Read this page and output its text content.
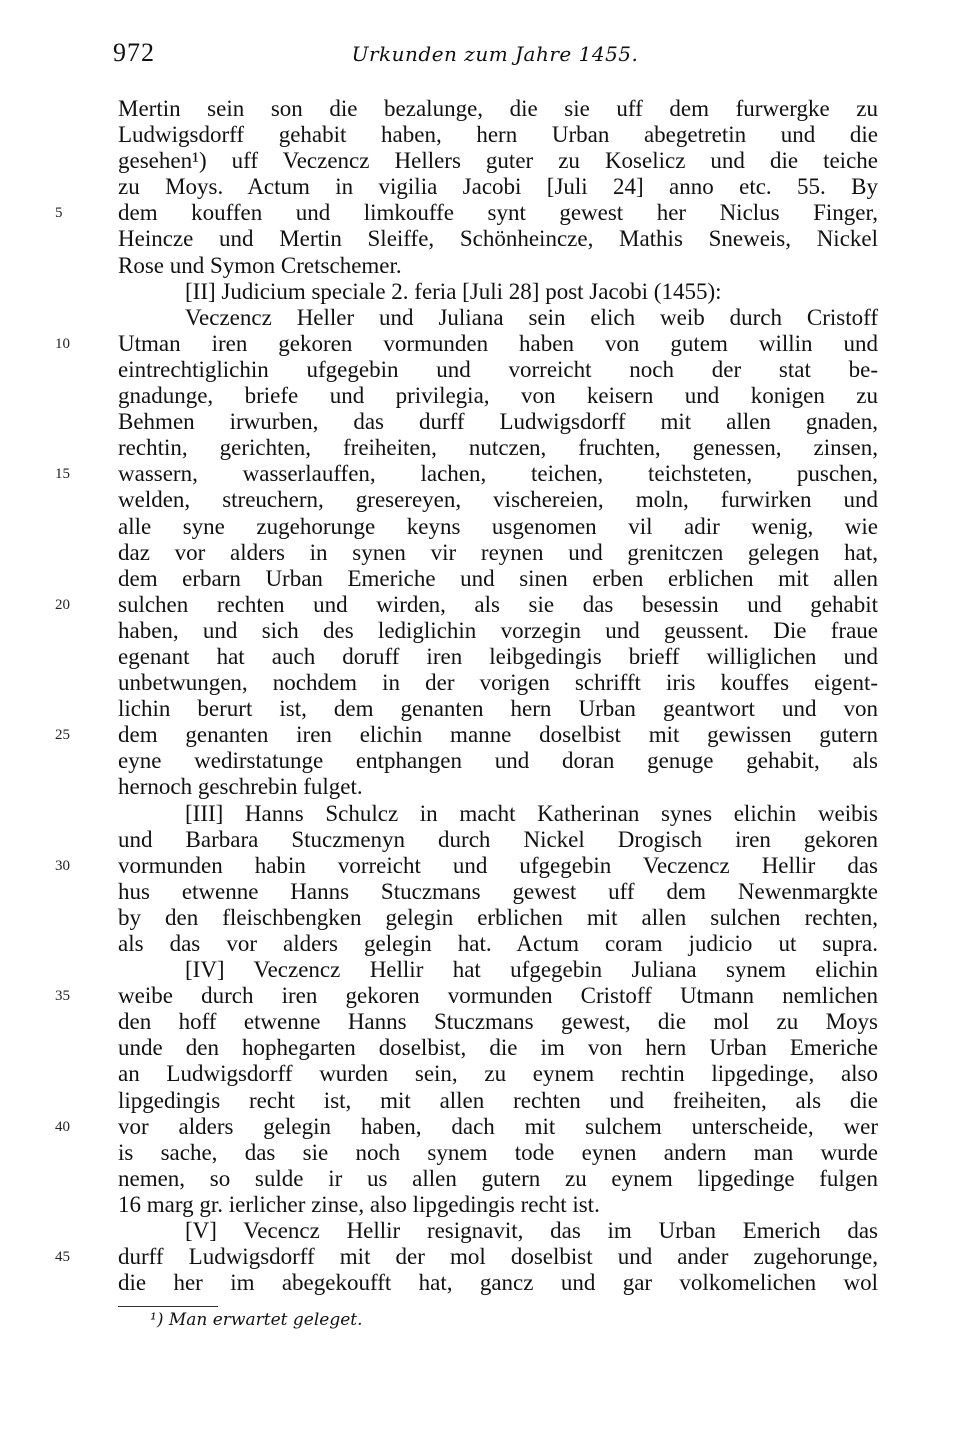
972	Urkunden zum Jahre 1455.
Mertin sein son die bezalunge, die sie uff dem furwergke zu
Ludwigsdorff gehabit haben, hern Urban abegetretin und die
gesehen¹) uff Veczencz Hellers guter zu Koselicz und die teiche
zu Moys. Actum in vigilia Jacobi [Juli 24] anno etc. 55. By
5	dem kouffen und limkouffe synt gewest her Niclus Finger,
Heincze und Mertin Sleiffe, Schönheincze, Mathis Sneweis, Nickel
Rose und Symon Cretschemer.
[II] Judicium speciale 2. feria [Juli 28] post Jacobi (1455):
Veczencz Heller und Juliana sein elich weib durch Cristoff
10	Utman iren gekoren vormunden haben von gutem willin und
eintrechtiglichin ufgegebin und vorreicht noch der stat be-
gnadunge, briefe und privilegia, von keisern und konigen zu
Behmen irwurben, das durff Ludwigsdorff mit allen gnaden,
rechtin, gerichten, freiheiten, nutczen, fruchten, genessen, zinsen,
15	wassern, wasserlauffen, lachen, teichen, teichsteten, puschen,
welden, streuchern, gresereyen, vischereien, moln, furwirken und
alle syne zugehorunge keyns usgenomen vil adir wenig, wie
daz vor alders in synen vir reynen und grenitczen gelegen hat,
dem erbarn Urban Emeriche und sinen erben erblichen mit allen
20	sulchen rechten und wirden, als sie das besessin und gehabit
haben, und sich des lediglichin vorzegin und geussent. Die fraue
egenant hat auch doruff iren leibgedingis brieff williglichen und
unbetwungen, nochdem in der vorigen schrifft iris kouffes eigent-
lichin berurt ist, dem genanten hern Urban geantwort und von
25	dem genanten iren elichin manne doselbist mit gewissen gutern
eyne wedirstatunge entphangen und doran genuge gehabit, als
hernoch geschrebin fulget.
[III] Hanns Schulcz in macht Katherinan synes elichin weibis
und Barbara Stuczmenyn durch Nickel Drogisch iren gekoren
30	vormunden habin vorreicht und ufgegebin Veczencz Hellir das
hus etwenne Hanns Stuczmans gewest uff dem Newenmargkte
by den fleischbengken gelegin erblichen mit allen sulchen rechten,
als das vor alders gelegin hat. Actum coram judicio ut supra.
[IV] Veczencz Hellir hat ufgegebin Juliana synem elichin
35	weibe durch iren gekoren vormunden Cristoff Utmann nemlichen
den hoff etwenne Hanns Stuczmans gewest, die mol zu Moys
unde den hophegarten doselbist, die im von hern Urban Emeriche
an Ludwigsdorff wurden sein, zu eynem rechtin lipgedinge, also
lipgedingis recht ist, mit allen rechten und freiheiten, als die
40	vor alders gelegin haben, dach mit sulchem unterscheide, wer
is sache, das sie noch synem tode eynen andern man wurde
nemen, so sulde ir us allen gutern zu eynem lipgedinge fulgen
16 marg gr. ierlicher zinse, also lipgedingis recht ist.
[V] Vecencz Hellir resignavit, das im Urban Emerich das
45	durff Ludwigsdorff mit der mol doselbist und ander zugehorunge,
die her im abegekoufft hat, gancz und gar volkomelichen wol
¹) Man erwartet geleget.
